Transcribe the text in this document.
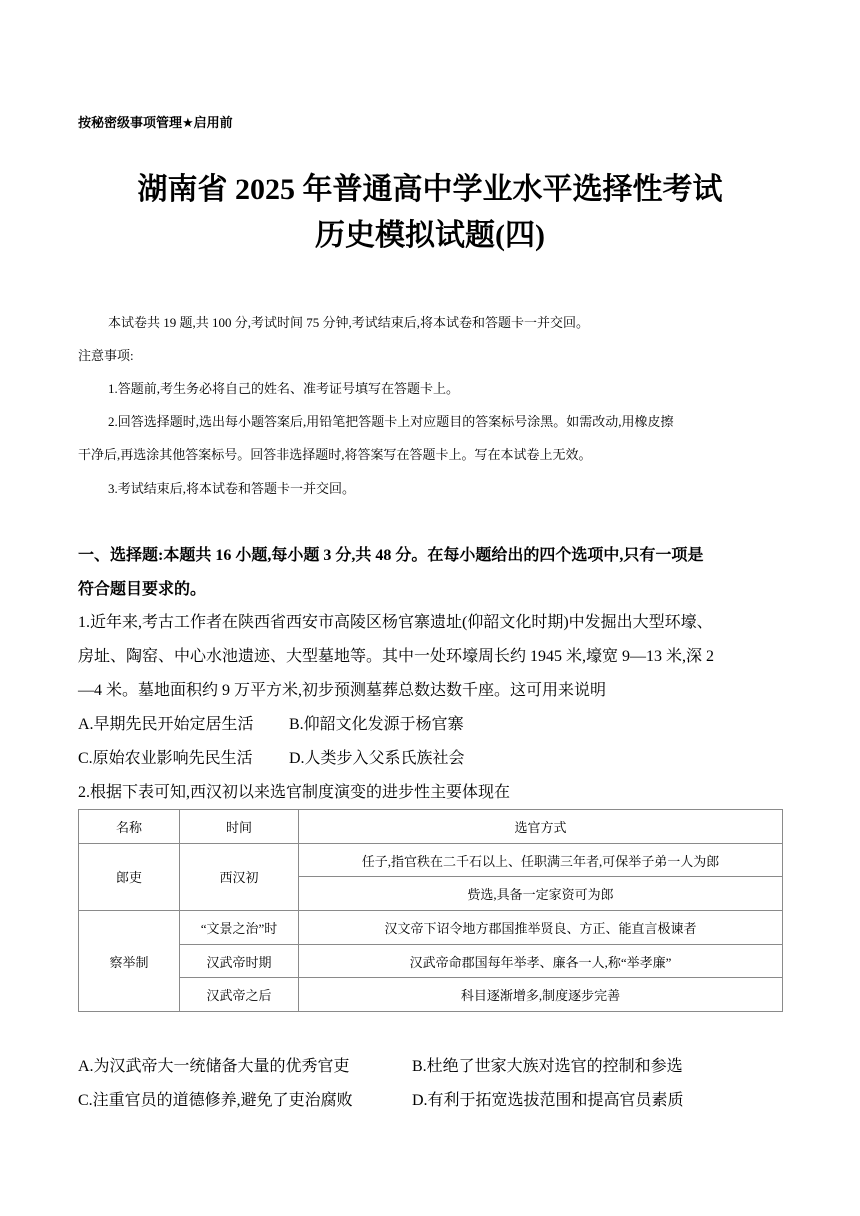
按秘密级事项管理★启用前
湖南省 2025 年普通高中学业水平选择性考试
历史模拟试题(四)
本试卷共 19 题,共 100 分,考试时间 75 分钟,考试结束后,将本试卷和答题卡一并交回。
注意事项:
1.答题前,考生务必将自己的姓名、准考证号填写在答题卡上。
2.回答选择题时,选出每小题答案后,用铅笔把答题卡上对应题目的答案标号涂黑。如需改动,用橡皮擦
干净后,再选涂其他答案标号。回答非选择题时,将答案写在答题卡上。写在本试卷上无效。
3.考试结束后,将本试卷和答题卡一并交回。
一、选择题:本题共 16 小题,每小题 3 分,共 48 分。在每小题给出的四个选项中,只有一项是
符合题目要求的。
1.近年来,考古工作者在陕西省西安市高陵区杨官寨遗址(仰韶文化时期)中发掘出大型环壕、
房址、陶窑、中心水池遗迹、大型墓地等。其中一处环壕周长约 1945 米,壕宽 9—13 米,深 2
—4 米。墓地面积约 9 万平方米,初步预测墓葬总数达数千座。这可用来说明
A.早期先民开始定居生活 B.仰韶文化发源于杨官寨
C.原始农业影响先民生活 D.人类步入父系氏族社会
2.根据下表可知,西汉初以来选官制度演变的进步性主要体现在
名称	时间	选官方式
郎吏	西汉初	任子,指官秩在二千石以上、任职满三年者,可保举子弟一人为郎
		赀选,具备一定家资可为郎
察举制	“文景之治”时	汉文帝下诏令地方郡国推举贤良、方正、能直言极谏者
	汉武帝时期	汉武帝命郡国每年举孝、廉各一人,称“举孝廉”
	汉武帝之后	科目逐渐增多,制度逐步完善
A.为汉武帝大一统储备大量的优秀官吏	B.杜绝了世家大族对选官的控制和参选
C.注重官员的道德修养,避免了吏治腐败	D.有利于拓宽选拔范围和提高官员素质
